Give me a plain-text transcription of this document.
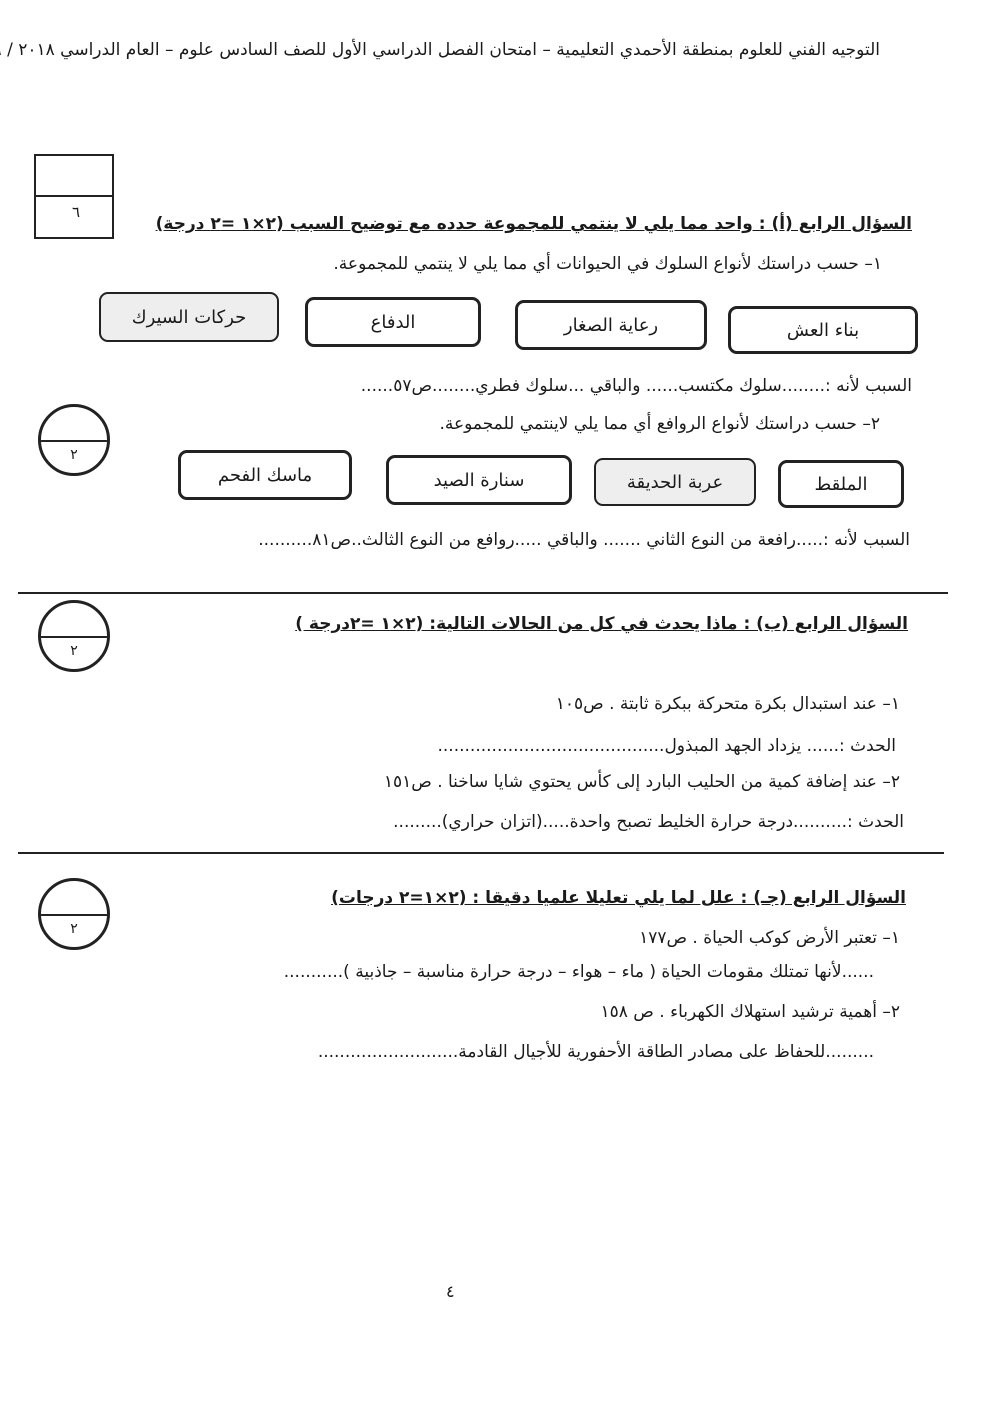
التوجيه الفني للعلوم بمنطقة الأحمدي التعليمية – امتحان الفصل الدراسي الأول للصف السادس علوم – العام الدراسي ٢٠١٨ /
٦
السؤال الرابع (أ) : واحد مما يلي لا ينتمي للمجموعة حدده مع توضيح السبب (٢×١ =٢ درجة)
١– حسب دراستك لأنواع السلوك في الحيوانات أي مما يلي لا ينتمي للمجموعة.
بناء العش
رعاية الصغار
الدفاع
حركات السيرك
السبب لأنه :........سلوك مكتسب...... والباقي ...سلوك فطري........ص٥٧......
٢– حسب دراستك لأنواع الروافع أي مما يلي لاينتمي للمجموعة.
الملقط
عربة الحديقة
سنارة الصيد
ماسك الفحم
السبب لأنه :.....رافعة من النوع الثاني ....... والباقي .....روافع من النوع الثالث..ص٨١..........
٢
السؤال الرابع (ب) : ماذا يحدث في كل من الحالات التالية: (٢×١ =٢درجة )
٢
١– عند استبدال بكرة متحركة ببكرة ثابتة . ص١٠٥
الحدث :...... يزداد الجهد المبذول..........................................
٢– عند إضافة كمية من الحليب البارد إلى كأس يحتوي شايا ساخنا . ص١٥١
الحدث :..........درجة حرارة الخليط تصبح واحدة.....(اتزان حراري).........
السؤال الرابع (جـ) : علل لما يلي تعليلا علميا دقيقا : (٢×١=٢ درجات)
٢	١– تعتبر الأرض كوكب الحياة . ص١٧٧
......لأنها تمتلك مقومات الحياة ( ماء – هواء – درجة حرارة مناسبة – جاذبية )...........
٢– أهمية ترشيد استهلاك الكهرباء . ص ١٥٨
.........للحفاظ على مصادر الطاقة الأحفورية للأجيال القادمة..........................
٤
